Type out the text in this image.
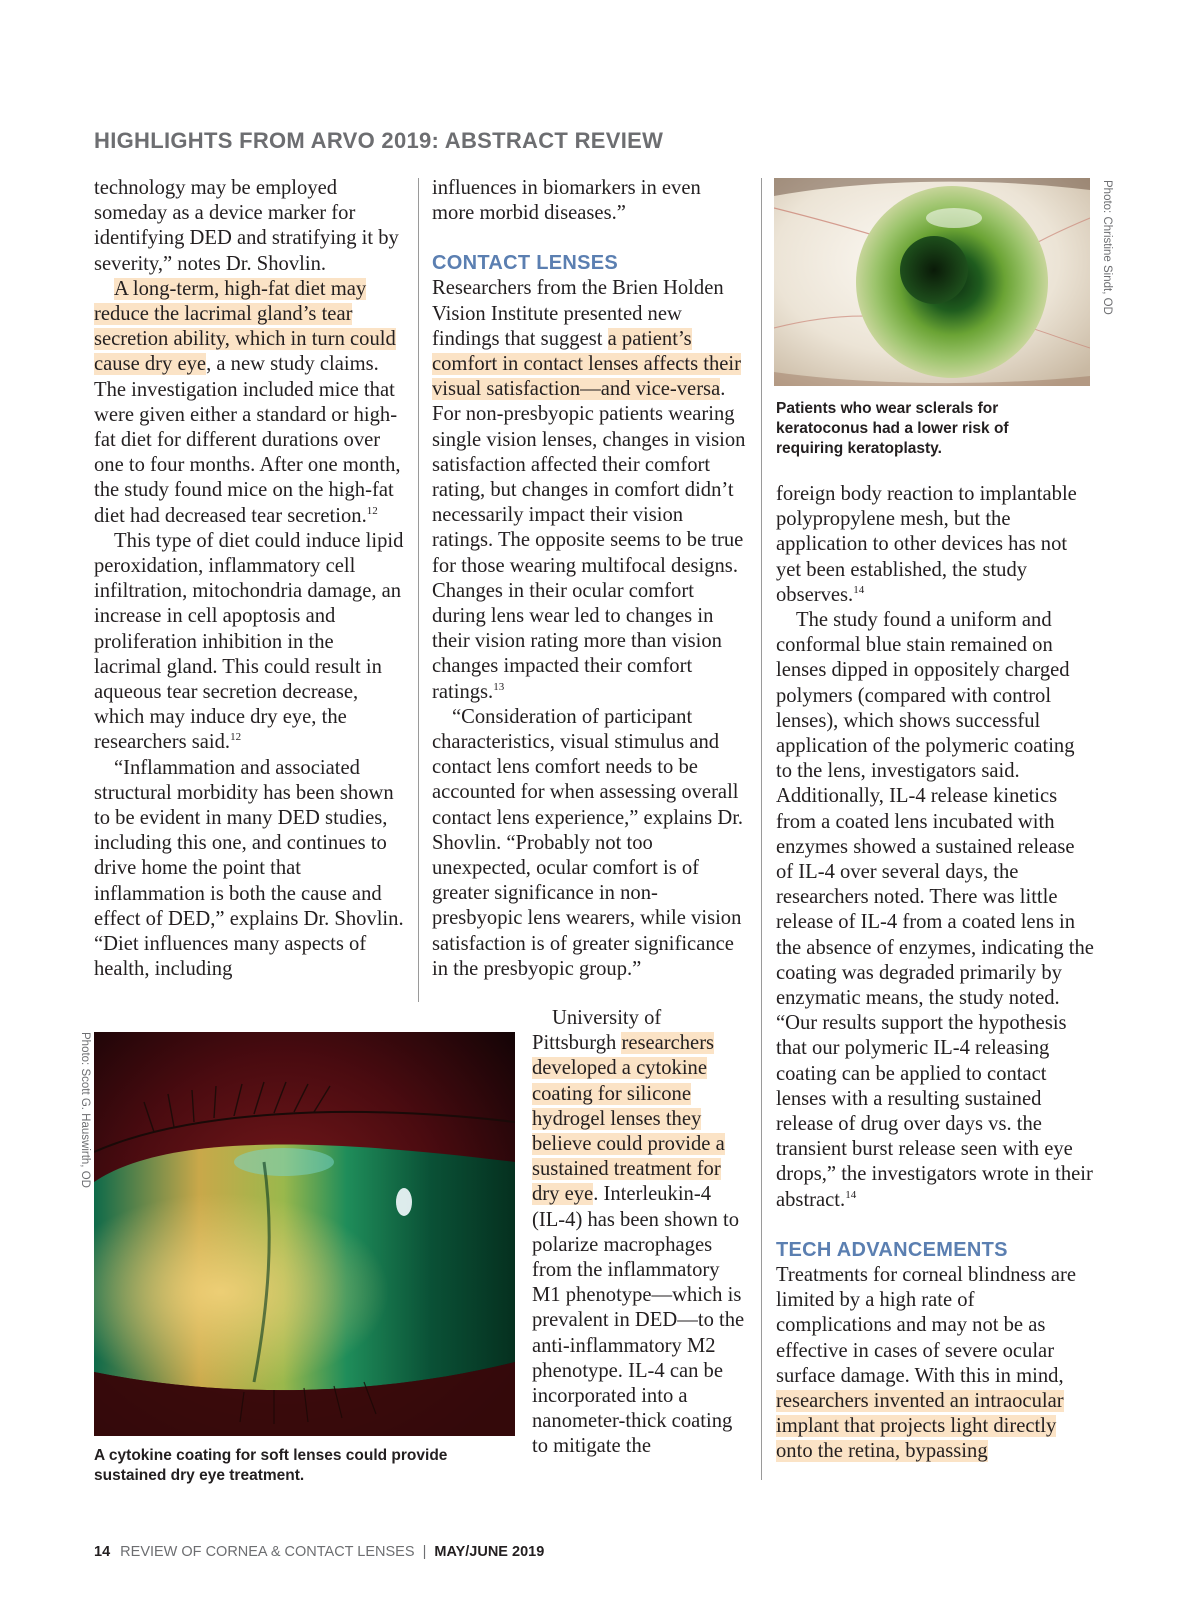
HIGHLIGHTS FROM ARVO 2019: ABSTRACT REVIEW

technology may be employed someday as a device marker for identifying DED and stratifying it by severity,” notes Dr. Shovlin.

A long-term, high-fat diet may reduce the lacrimal gland’s tear secretion ability, which in turn could cause dry eye, a new study claims. The investigation included mice that were given either a standard or high-fat diet for different durations over one to four months. After one month, the study found mice on the high-fat diet had decreased tear secretion.$^{12}$

This type of diet could induce lipid peroxidation, inflammatory cell infiltration, mitochondria damage, an increase in cell apoptosis and proliferation inhibition in the lacrimal gland. This could result in aqueous tear secretion decrease, which may induce dry eye, the researchers said.$^{12}$

“Inflammation and associated structural morbidity has been shown to be evident in many DED studies, including this one, and continues to drive home the point that inflammation is both the cause and effect of DED,” explains Dr. Shovlin. “Diet influences many aspects of health, including

influences in biomarkers in even more morbid diseases.”

CONTACT LENSES

Researchers from the Brien Holden Vision Institute presented new findings that suggest a patient’s comfort in contact lenses affects their visual satisfaction—and vice-versa. For non-presbyopic patients wearing single vision lenses, changes in vision satisfaction affected their comfort rating, but changes in comfort didn’t necessarily impact their vision ratings. The opposite seems to be true for those wearing multifocal designs. Changes in their ocular comfort during lens wear led to changes in their vision rating more than vision changes impacted their comfort ratings.$^{13}$

“Consideration of participant characteristics, visual stimulus and contact lens comfort needs to be accounted for when assessing overall contact lens experience,” explains Dr. Shovlin. “Probably not too unexpected, ocular comfort is of greater significance in non-presbyopic lens wearers, while vision satisfaction is of greater significance in the presbyopic group.”

University of Pittsburgh researchers developed a cytokine coating for silicone hydrogel lenses they believe could provide a sustained treatment for dry eye. Interleukin-4 (IL-4) has been shown to polarize macrophages from the inflammatory M1 phenotype—which is prevalent in DED—to the anti-inflammatory M2 phenotype. IL-4 can be incorporated into a nanometer-thick coating to mitigate the

Photo: Christine Sindt, OD
Patients who wear sclerals for keratoconus had a lower risk of requiring keratoplasty.

foreign body reaction to implantable polypropylene mesh, but the application to other devices has not yet been established, the study observes.$^{14}$

The study found a uniform and conformal blue stain remained on lenses dipped in oppositely charged polymers (compared with control lenses), which shows successful application of the polymeric coating to the lens, investigators said. Additionally, IL-4 release kinetics from a coated lens incubated with enzymes showed a sustained release of IL-4 over several days, the researchers noted. There was little release of IL-4 from a coated lens in the absence of enzymes, indicating the coating was degraded primarily by enzymatic means, the study noted. “Our results support the hypothesis that our polymeric IL-4 releasing coating can be applied to contact lenses with a resulting sustained release of drug over days vs. the transient burst release seen with eye drops,” the investigators wrote in their abstract.$^{14}$

TECH ADVANCEMENTS

Treatments for corneal blindness are limited by a high rate of complications and may not be as effective in cases of severe ocular surface damage. With this in mind, researchers invented an intraocular implant that projects light directly onto the retina, bypassing

Photo: Scott G. Hauswirth, OD
A cytokine coating for soft lenses could provide sustained dry eye treatment.
14 REVIEW OF CORNEA & CONTACT LENSES | MAY/JUNE 2019
